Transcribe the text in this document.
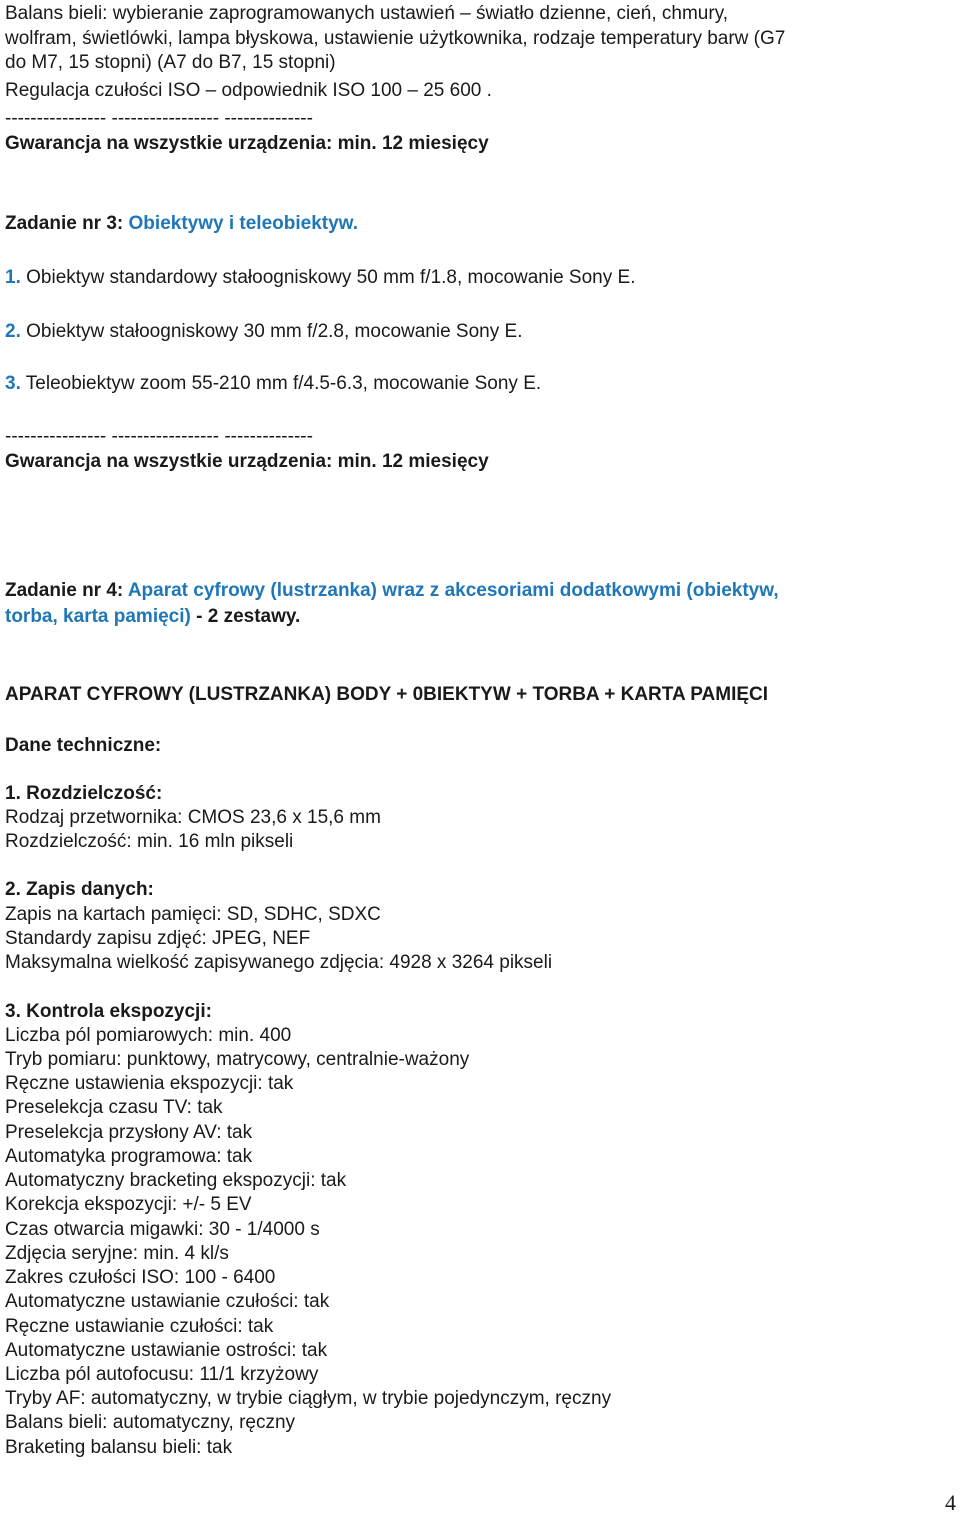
Balans bieli: wybieranie zaprogramowanych ustawień – światło dzienne, cień, chmury,
wolfram, świetlówki, lampa błyskowa, ustawienie użytkownika, rodzaje temperatury barw (G7
do M7, 15 stopni) (A7 do B7, 15 stopni)
Regulacja czułości ISO – odpowiednik ISO 100 – 25 600 .
---------------- ----------------- --------------
Gwarancja na wszystkie urządzenia: min. 12 miesięcy
Zadanie nr 3: Obiektywy i teleobiektyw.
1. Obiektyw standardowy stałoogniskowy 50 mm f/1.8, mocowanie Sony E.
2. Obiektyw stałoogniskowy 30 mm f/2.8, mocowanie Sony E.
3. Teleobiektyw zoom 55-210 mm f/4.5-6.3, mocowanie Sony E.
---------------- ----------------- --------------
Gwarancja na wszystkie urządzenia: min. 12 miesięcy
Zadanie nr 4: Aparat cyfrowy (lustrzanka) wraz z akcesoriami dodatkowymi (obiektyw,
torba, karta pamięci) - 2 zestawy.
APARAT CYFROWY (LUSTRZANKA) BODY + 0BIEKTYW + TORBA + KARTA PAMIĘCI
Dane techniczne:
1. Rozdzielczość:
Rodzaj przetwornika: CMOS 23,6 x 15,6 mm
Rozdzielczość: min. 16 mln pikseli
2. Zapis danych:
Zapis na kartach pamięci: SD, SDHC, SDXC
Standardy zapisu zdjęć: JPEG, NEF
Maksymalna wielkość zapisywanego zdjęcia: 4928 x 3264 pikseli
3. Kontrola ekspozycji:
Liczba pól pomiarowych: min. 400
Tryb pomiaru: punktowy, matrycowy, centralnie-ważony
Ręczne ustawienia ekspozycji: tak
Preselekcja czasu TV: tak
Preselekcja przysłony AV: tak
Automatyka programowa: tak
Automatyczny bracketing ekspozycji: tak
Korekcja ekspozycji: +/- 5 EV
Czas otwarcia migawki: 30 - 1/4000 s
Zdjęcia seryjne: min. 4 kl/s
Zakres czułości ISO: 100 - 6400
Automatyczne ustawianie czułości: tak
Ręczne ustawianie czułości: tak
Automatyczne ustawianie ostrości: tak
Liczba pól autofocusu: 11/1 krzyżowy
Tryby AF: automatyczny, w trybie ciągłym, w trybie pojedynczym, ręczny
Balans bieli: automatyczny, ręczny
Braketing balansu bieli: tak
4
